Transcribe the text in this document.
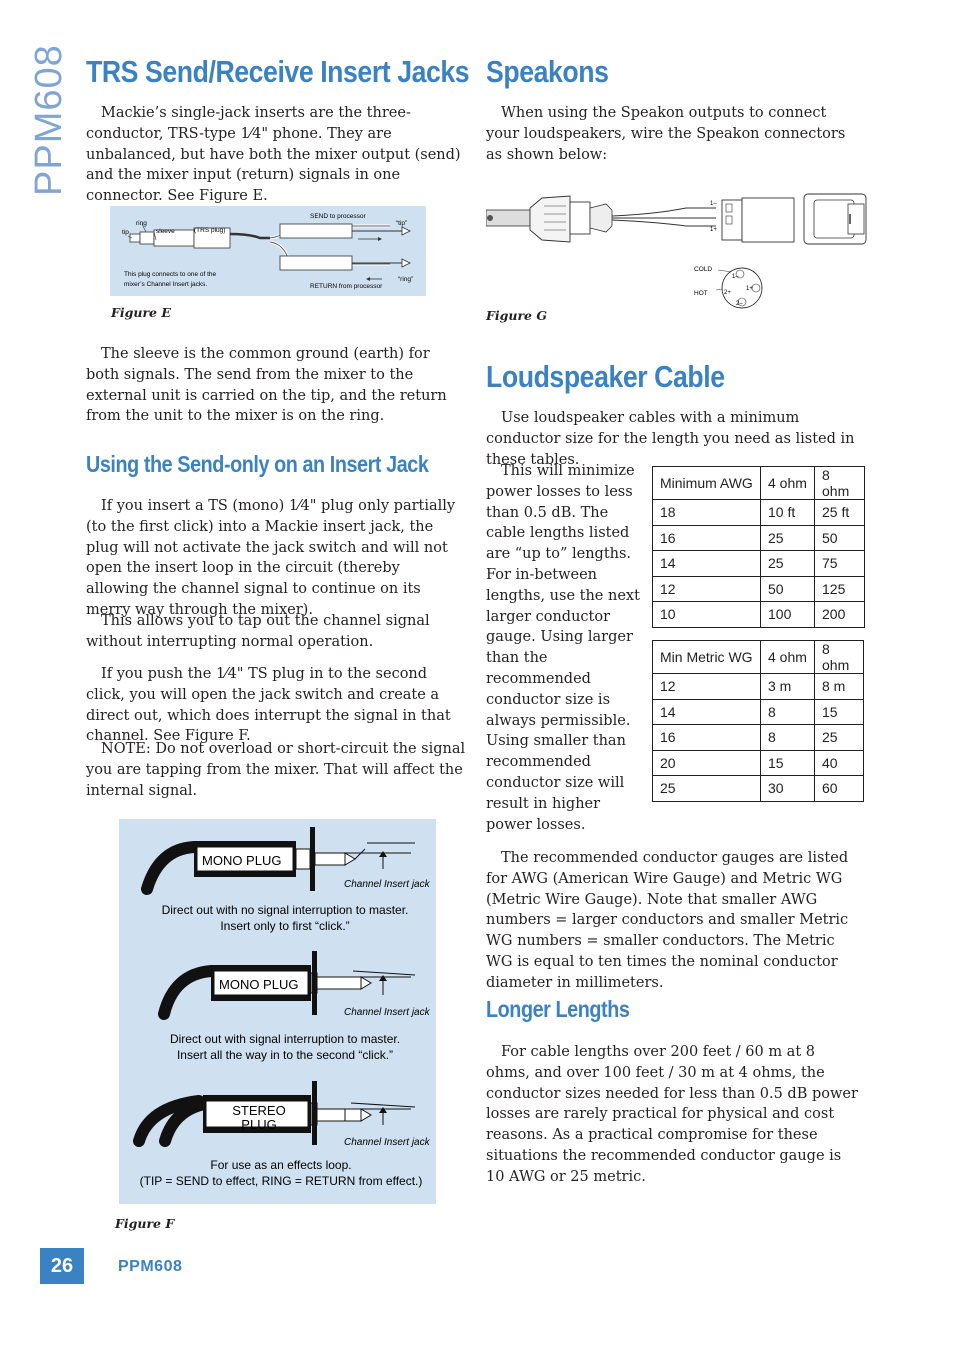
PPM608 TRS Send/Receive Insert Jacks

Mackie’s single-jack inserts are the three-conductor, TRS-type 1⁄4" phone. They are unbalanced, but have both the mixer output (send) and the mixer input (return) signals in one connector. See Figure E.

ring
tip	sleeve	(TRS plug)
SEND to processor
“tip”
“ring”
RETURN from processor
This plug connects to one of the
mixer’s Channel Insert jacks.
Figure E

The sleeve is the common ground (earth) for both signals. The send from the mixer to the external unit is carried on the tip, and the return from the unit to the mixer is on the ring.

Using the Send-only on an Insert Jack

If you insert a TS (mono) 1⁄4" plug only partially (to the first click) into a Mackie insert jack, the plug will not activate the jack switch and will not open the insert loop in the circuit (thereby allowing the channel signal to continue on its merry way through the mixer).

This allows you to tap out the channel signal without interrupting normal operation.

If you push the 1⁄4" TS plug in to the second click, you will open the jack switch and create a direct out, which does interrupt the signal in that channel. See Figure F.

NOTE: Do not overload or short-circuit the signal you are tapping from the mixer. That will affect the internal signal.

MONO PLUG
Channel Insert jack
Direct out with no signal interruption to master.
Insert only to first “click.”
MONO PLUG
Channel Insert jack
Direct out with signal interruption to master.
Insert all the way in to the second “click.”
STEREO
PLUG
Channel Insert jack
For use as an effects loop.
(TIP = SEND to effect, RING = RETURN from effect.)
Figure F
Speakons

When using the Speakon outputs to connect your loudspeakers, wire the Speakon connectors as shown below:

1–
1+
COLD
HOT
1–
1+
2+
2–
Figure G
Loudspeaker Cable

Use loudspeaker cables with a minimum conductor size for the length you need as listed in these tables.

This will minimize power losses to less than 0.5 dB. The cable lengths listed are “up to” lengths. For in-between lengths, use the next larger conductor gauge. Using larger than the recommended conductor size is always permissible. Using smaller than recommended conductor size will result in higher power losses.

Minimum AWG	4 ohm	8 ohm
18	10 ft	25 ft
16	25	50
14	25	75
12	50	125
10	100	200
Min Metric WG	4 ohm	8 ohm
12	3 m	8 m
14	8	15
16	8	25
20	15	40
25	30	60

The recommended conductor gauges are listed for AWG (American Wire Gauge) and Metric WG (Metric Wire Gauge). Note that smaller AWG numbers = larger conductors and smaller Metric WG numbers = smaller conductors. The Metric WG is equal to ten times the nominal conductor diameter in millimeters.

Longer Lengths

For cable lengths over 200 feet / 60 m at 8 ohms, and over 100 feet / 30 m at 4 ohms, the conductor sizes needed for less than 0.5 dB power losses are rarely practical for physical and cost reasons. As a practical compromise for these situations the recommended conductor gauge is 10 AWG or 25 metric.

26	PPM608
